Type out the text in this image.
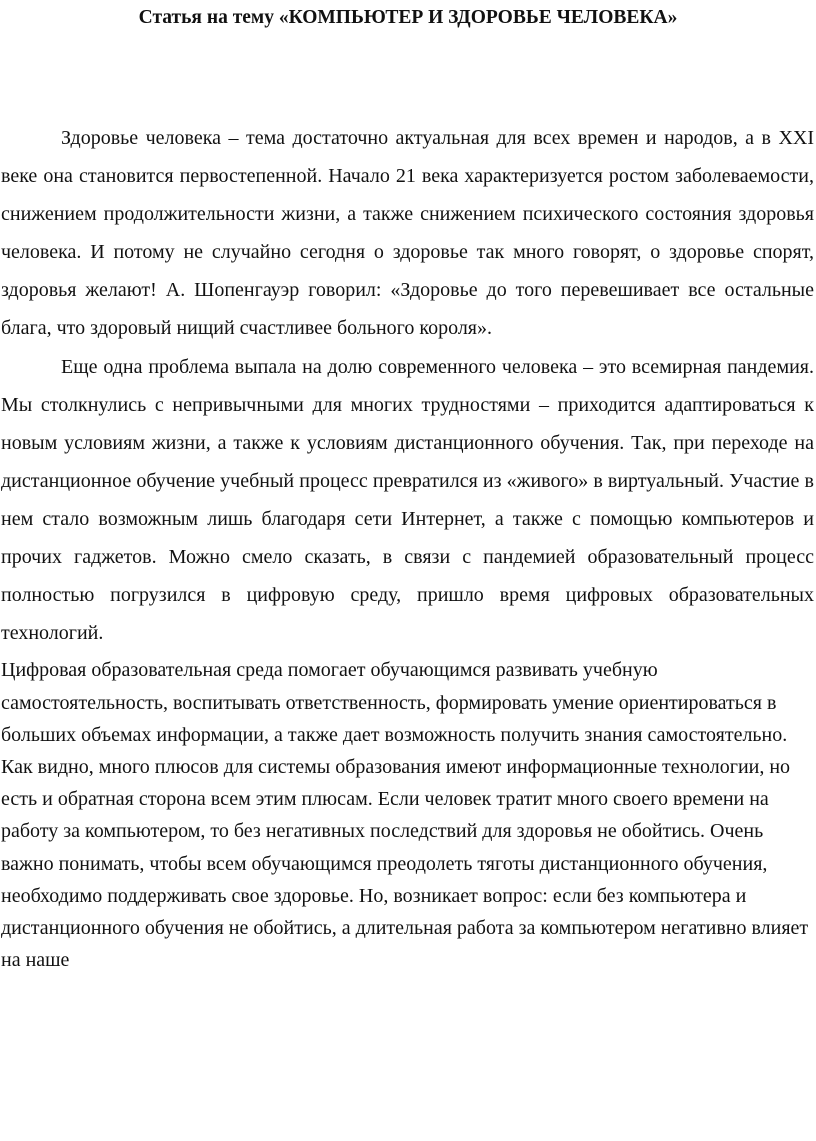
Статья на тему «КОМПЬЮТЕР И ЗДОРОВЬЕ ЧЕЛОВЕКА»

Здоровье человека – тема достаточно актуальная для всех времен и народов, а в XXI веке она становится первостепенной. Начало 21 века характеризуется ростом заболеваемости, снижением продолжительности жизни, а также снижением психического состояния здоровья человека. И потому не случайно сегодня о здоровье так много говорят, о здоровье спорят, здоровья желают! А. Шопенгауэр говорил: «Здоровье до того перевешивает все остальные блага, что здоровый нищий счастливее больного короля».

Еще одна проблема выпала на долю современного человека – это всемирная пандемия. Мы столкнулись с непривычными для многих трудностями – приходится адаптироваться к новым условиям жизни, а также к условиям дистанционного обучения. Так, при переходе на дистанционное обучение учебный процесс превратился из «живого» в виртуальный. Участие в нем стало возможным лишь благодаря сети Интернет, а также с помощью компьютеров и прочих гаджетов. Можно смело сказать, в связи с пандемией образовательный процесс полностью погрузился в цифровую среду, пришло время цифровых образовательных технологий.

Цифровая образовательная среда помогает обучающимся развивать учебную самостоятельность, воспитывать ответственность, формировать умение ориентироваться в больших объемах информации, а также дает возможность получить знания самостоятельно. Как видно, много плюсов для системы образования имеют информационные технологии, но есть и обратная сторона всем этим плюсам. Если человек тратит много своего времени на работу за компьютером, то без негативных последствий для здоровья не обойтись. Очень важно понимать, чтобы всем обучающимся преодолеть тяготы дистанционного обучения, необходимо поддерживать свое здоровье. Но, возникает вопрос: если без компьютера и дистанционного обучения не обойтись, а длительная работа за компьютером негативно влияет на наше
